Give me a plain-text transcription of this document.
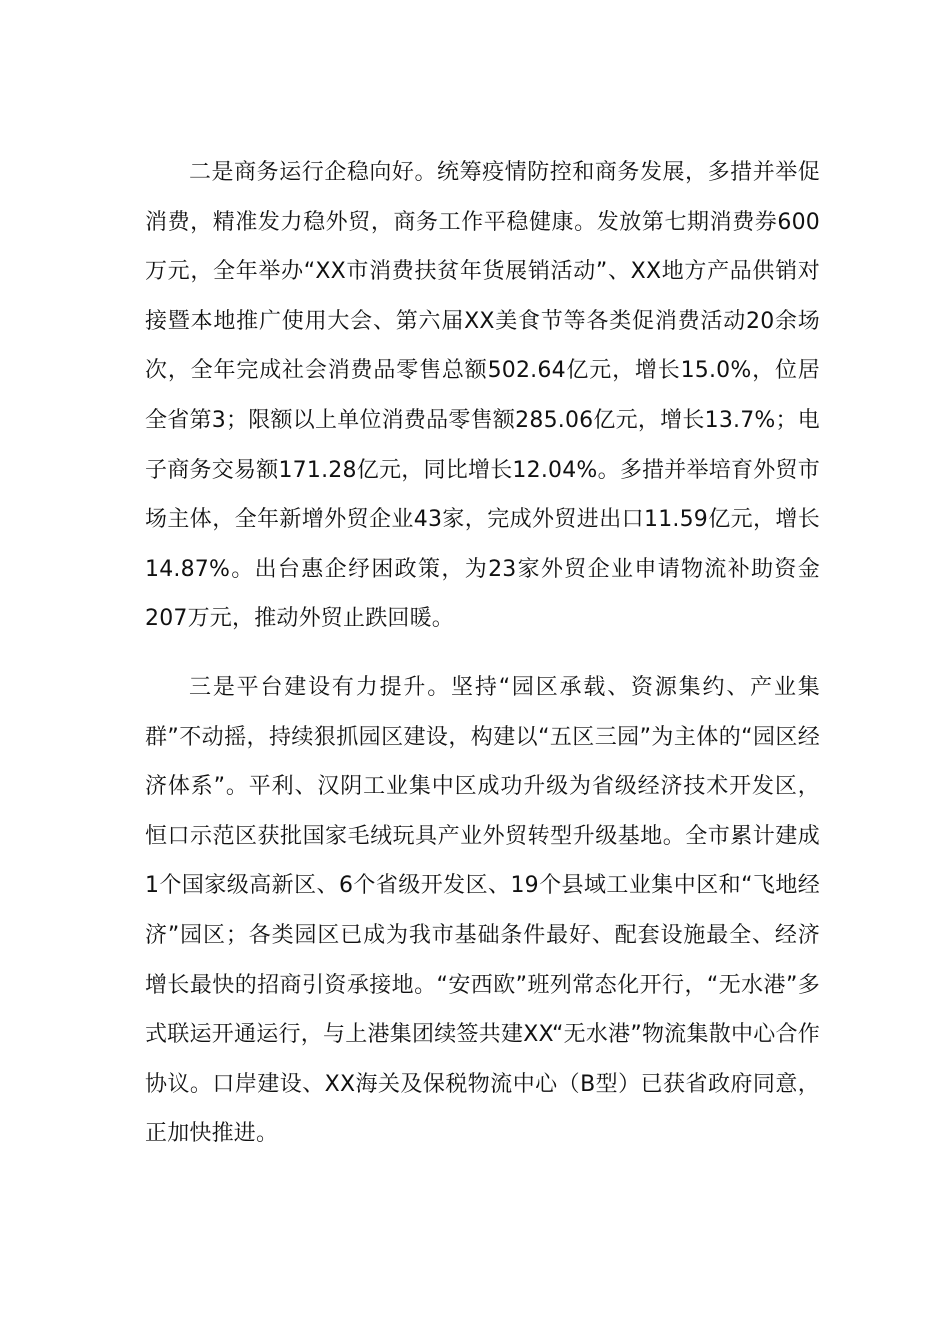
二是商务运行企稳向好。统筹疫情防控和商务发展，多措并举促消费，精准发力稳外贸，商务工作平稳健康。发放第七期消费券600万元，全年举办“XX市消费扶贫年货展销活动”、XX地方产品供销对接暨本地推广使用大会、第六届XX美食节等各类促消费活动20余场次，全年完成社会消费品零售总额502.64亿元，增长15.0%，位居全省第3；限额以上单位消费品零售额285.06亿元，增长13.7%；电子商务交易额171.28亿元，同比增长12.04%。多措并举培育外贸市场主体，全年新增外贸企业43家，完成外贸进出口11.59亿元，增长14.87%。出台惠企纾困政策，为23家外贸企业申请物流补助资金207万元，推动外贸止跌回暖。

三是平台建设有力提升。坚持“园区承载、资源集约、产业集群”不动摇，持续狠抓园区建设，构建以“五区三园”为主体的“园区经济体系”。平利、汉阴工业集中区成功升级为省级经济技术开发区，恒口示范区获批国家毛绒玩具产业外贸转型升级基地。全市累计建成1个国家级高新区、6个省级开发区、19个县域工业集中区和“飞地经济”园区；各类园区已成为我市基础条件最好、配套设施最全、经济增长最快的招商引资承接地。“安西欧”班列常态化开行，“无水港”多式联运开通运行，与上港集团续签共建XX“无水港”物流集散中心合作协议。口岸建设、XX海关及保税物流中心（B型）已获省政府同意，正加快推进。
